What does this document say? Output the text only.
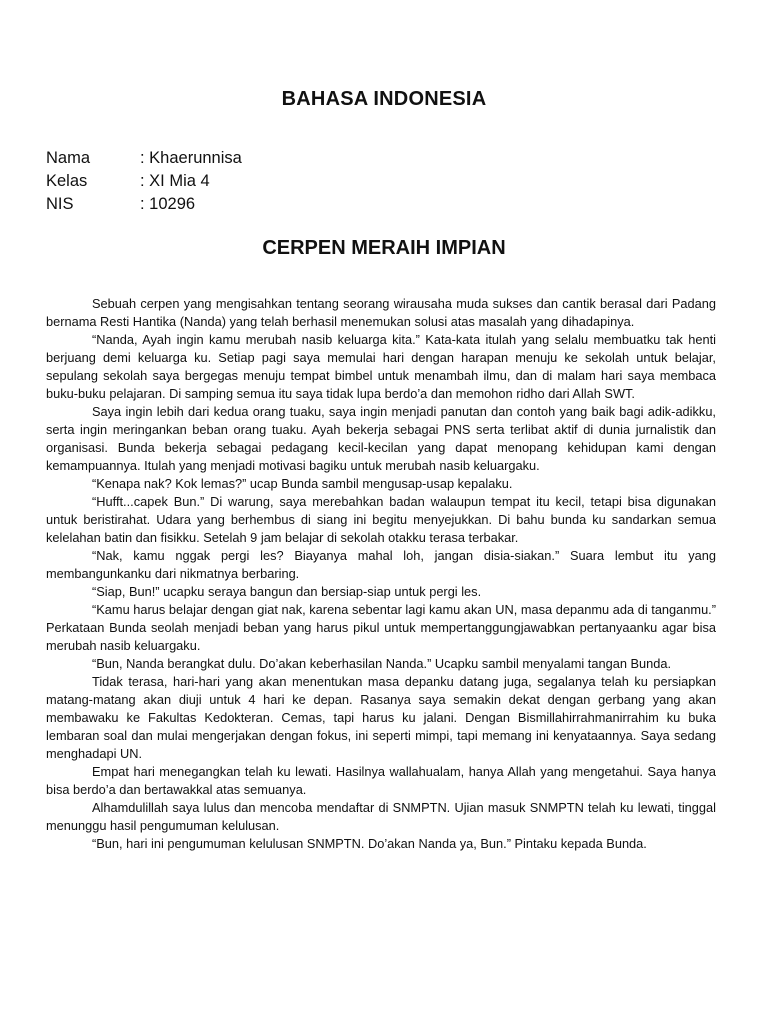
BAHASA INDONESIA
Nama	: Khaerunnisa
Kelas	: XI Mia 4
NIS	: 10296
CERPEN MERAIH IMPIAN

Sebuah cerpen yang mengisahkan tentang seorang wirausaha muda sukses dan cantik berasal dari Padang bernama Resti Hantika (Nanda) yang telah berhasil menemukan solusi atas masalah yang dihadapinya.

“Nanda, Ayah ingin kamu merubah nasib keluarga kita.” Kata-kata itulah yang selalu membuatku tak henti berjuang demi keluarga ku. Setiap pagi saya memulai hari dengan harapan menuju ke sekolah untuk belajar, sepulang sekolah saya bergegas menuju tempat bimbel untuk menambah ilmu, dan di malam hari saya membaca buku-buku pelajaran. Di samping semua itu saya tidak lupa berdo’a dan memohon ridho dari Allah SWT.

Saya ingin lebih dari kedua orang tuaku, saya ingin menjadi panutan dan contoh yang baik bagi adik-adikku, serta ingin meringankan beban orang tuaku. Ayah bekerja sebagai PNS serta terlibat aktif di dunia jurnalistik dan organisasi. Bunda bekerja sebagai pedagang kecil-kecilan yang dapat menopang kehidupan kami dengan kemampuannya. Itulah yang menjadi motivasi bagiku untuk merubah nasib keluargaku.

“Kenapa nak? Kok lemas?” ucap Bunda sambil mengusap-usap kepalaku.

“Hufft...capek Bun.” Di warung, saya merebahkan badan walaupun tempat itu kecil, tetapi bisa digunakan untuk beristirahat. Udara yang berhembus di siang ini begitu menyejukkan. Di bahu bunda ku sandarkan semua kelelahan batin dan fisikku. Setelah 9 jam belajar di sekolah otakku terasa terbakar.

“Nak, kamu nggak pergi les? Biayanya mahal loh, jangan disia-siakan.” Suara lembut itu yang membangunkanku dari nikmatnya berbaring.

“Siap, Bun!” ucapku seraya bangun dan bersiap-siap untuk pergi les.

“Kamu harus belajar dengan giat nak, karena sebentar lagi kamu akan UN, masa depanmu ada di tanganmu.” Perkataan Bunda seolah menjadi beban yang harus pikul untuk mempertanggungjawabkan pertanyaanku agar bisa merubah nasib keluargaku.

“Bun, Nanda berangkat dulu. Do’akan keberhasilan Nanda.” Ucapku sambil menyalami tangan Bunda.

Tidak terasa, hari-hari yang akan menentukan masa depanku datang juga, segalanya telah ku persiapkan matang-matang akan diuji untuk 4 hari ke depan. Rasanya saya semakin dekat dengan gerbang yang akan membawaku ke Fakultas Kedokteran. Cemas, tapi harus ku jalani. Dengan Bismillahirrahmanirrahim ku buka lembaran soal dan mulai mengerjakan dengan fokus, ini seperti mimpi, tapi memang ini kenyataannya. Saya sedang menghadapi UN.

Empat hari menegangkan telah ku lewati. Hasilnya wallahualam, hanya Allah yang mengetahui. Saya hanya bisa berdo’a dan bertawakkal atas semuanya.

Alhamdulillah saya lulus dan mencoba mendaftar di SNMPTN. Ujian masuk SNMPTN telah ku lewati, tinggal menunggu hasil pengumuman kelulusan.

“Bun, hari ini pengumuman kelulusan SNMPTN. Do’akan Nanda ya, Bun.” Pintaku kepada Bunda.
